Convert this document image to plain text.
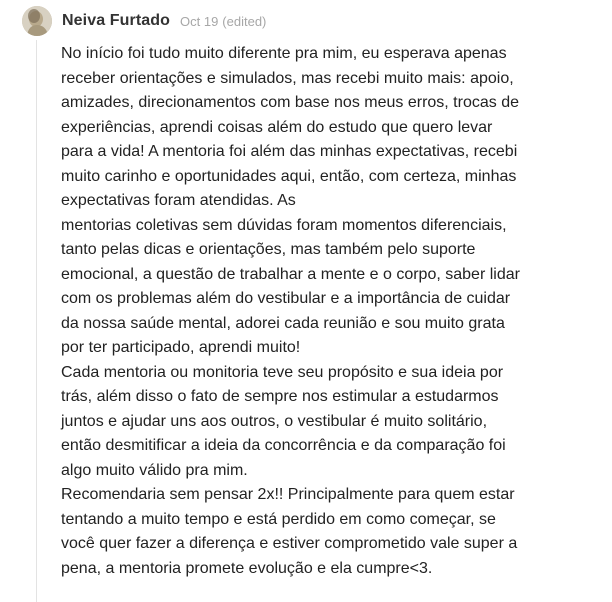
Neiva Furtado Oct 19 (edited)
No início foi tudo muito diferente pra mim, eu esperava apenas
receber orientações e simulados, mas recebi muito mais: apoio,
amizades, direcionamentos com base nos meus erros, trocas de
experiências, aprendi coisas além do estudo que quero levar
para a vida! A mentoria foi além das minhas expectativas, recebi
muito carinho e oportunidades aqui, então, com certeza, minhas
expectativas foram atendidas. As
mentorias coletivas sem dúvidas foram momentos diferenciais,
tanto pelas dicas e orientações, mas também pelo suporte
emocional, a questão de trabalhar a mente e o corpo, saber lidar
com os problemas além do vestibular e a importância de cuidar
da nossa saúde mental, adorei cada reunião e sou muito grata
por ter participado, aprendi muito!
Cada mentoria ou monitoria teve seu propósito e sua ideia por
trás, além disso o fato de sempre nos estimular a estudarmos
juntos e ajudar uns aos outros, o vestibular é muito solitário,
então desmitificar a ideia da concorrência e da comparação foi
algo muito válido pra mim.
Recomendaria sem pensar 2x!! Principalmente para quem estar
tentando a muito tempo e está perdido em como começar, se
você quer fazer a diferença e estiver comprometido vale super a
pena, a mentoria promete evolução e ela cumpre<3.
